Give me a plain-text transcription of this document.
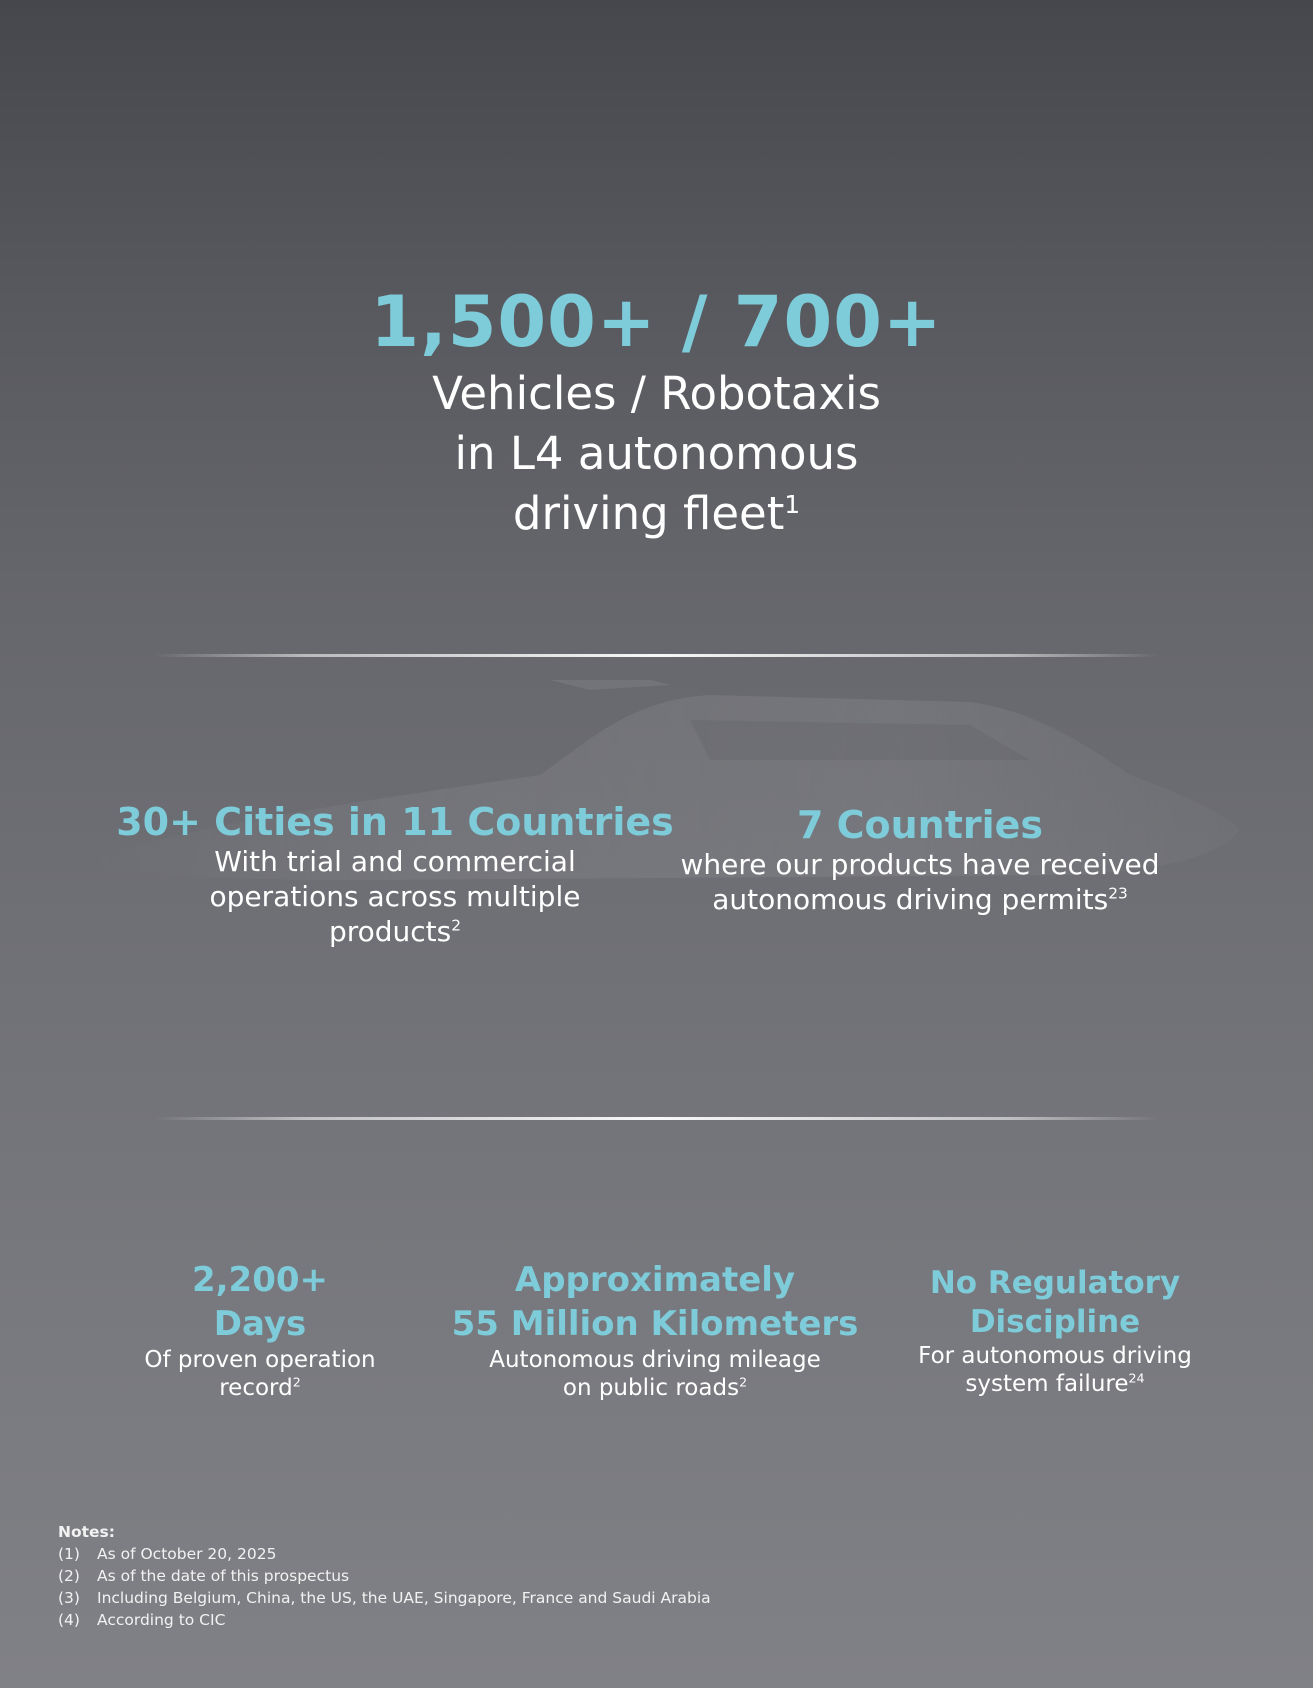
1,500+ / 700+
Vehicles / Robotaxis
in L4 autonomous
driving fleet$^1$
30+ Cities in 11 Countries
With trial and commercial
operations across multiple
products$^2$
7 Countries
where our products have received
autonomous driving permits$^{23}$
2,200+
Days
Of proven operation
record$^2$
Approximately
55 Million Kilometers
Autonomous driving mileage
on public roads$^2$
No Regulatory
Discipline
For autonomous driving
system failure$^{24}$
Notes:
(1)	As of October 20, 2025
(2)	As of the date of this prospectus
(3)	Including Belgium, China, the US, the UAE, Singapore, France and Saudi Arabia
(4)	According to CIC
